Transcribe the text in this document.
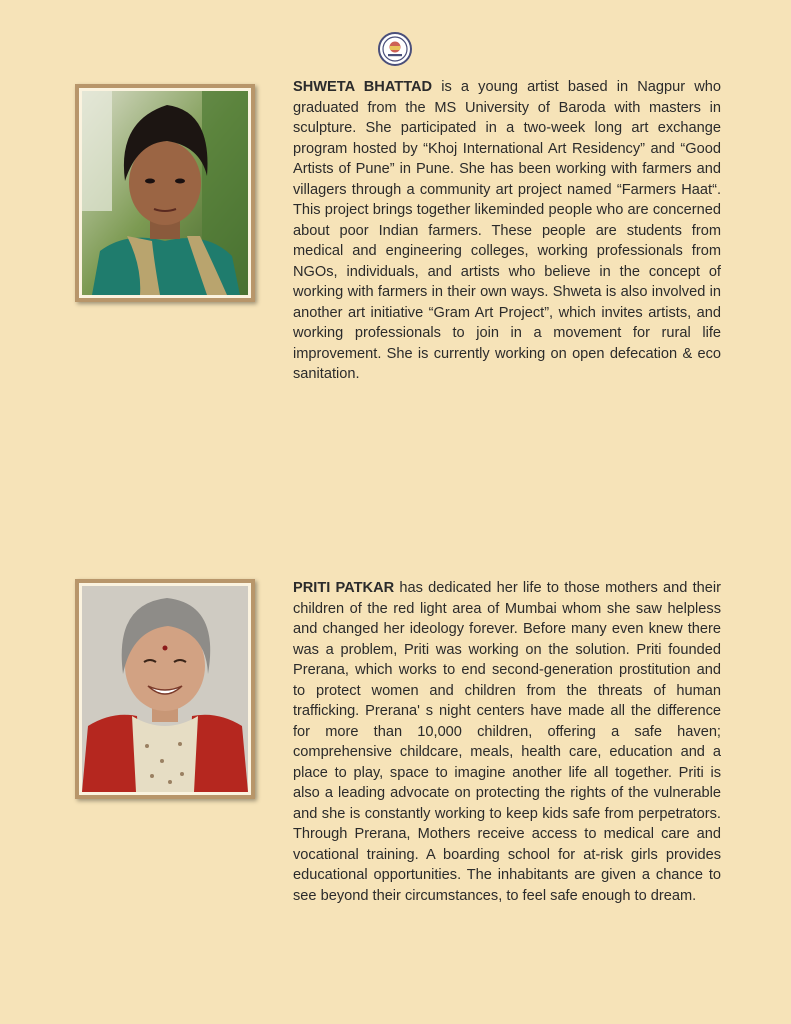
SHWETA BHATTAD is a young artist based in Nagpur who graduated from the MS University of Baroda with masters in sculpture. She participated in a two-week long art exchange program hosted by “Khoj International Art Residency” and “Good Artists of Pune” in Pune. She has been working with farmers and villagers through a community art project named “Farmers Haat“. This project brings together likeminded people who are concerned about poor Indian farmers. These people are students from medical and engineering colleges, working professionals from NGOs, individuals, and artists who believe in the concept of working with farmers in their own ways. Shweta is also involved in another art initiative “Gram Art Project”, which invites artists, and working professionals to join in a movement for rural life improvement. She is currently working on open defecation & eco sanitation.

PRITI PATKAR has dedicated her life to those mothers and their children of the red light area of Mumbai whom she saw helpless and changed her ideology forever. Before many even knew there was a problem, Priti was working on the solution. Priti founded Prerana, which works to end second-generation prostitution and to protect women and children from the threats of human trafficking. Prerana' s night centers have made all the difference for more than 10,000 children, offering a safe haven; comprehensive childcare, meals, health care, education and a place to play, space to imagine another life all together. Priti is also a leading advocate on protecting the rights of the vulnerable and she is constantly working to keep kids safe from perpetrators. Through Prerana, Mothers receive access to medical care and vocational training. A boarding school for at-risk girls provides educational opportunities. The inhabitants are given a chance to see beyond their circumstances, to feel safe enough to dream.
